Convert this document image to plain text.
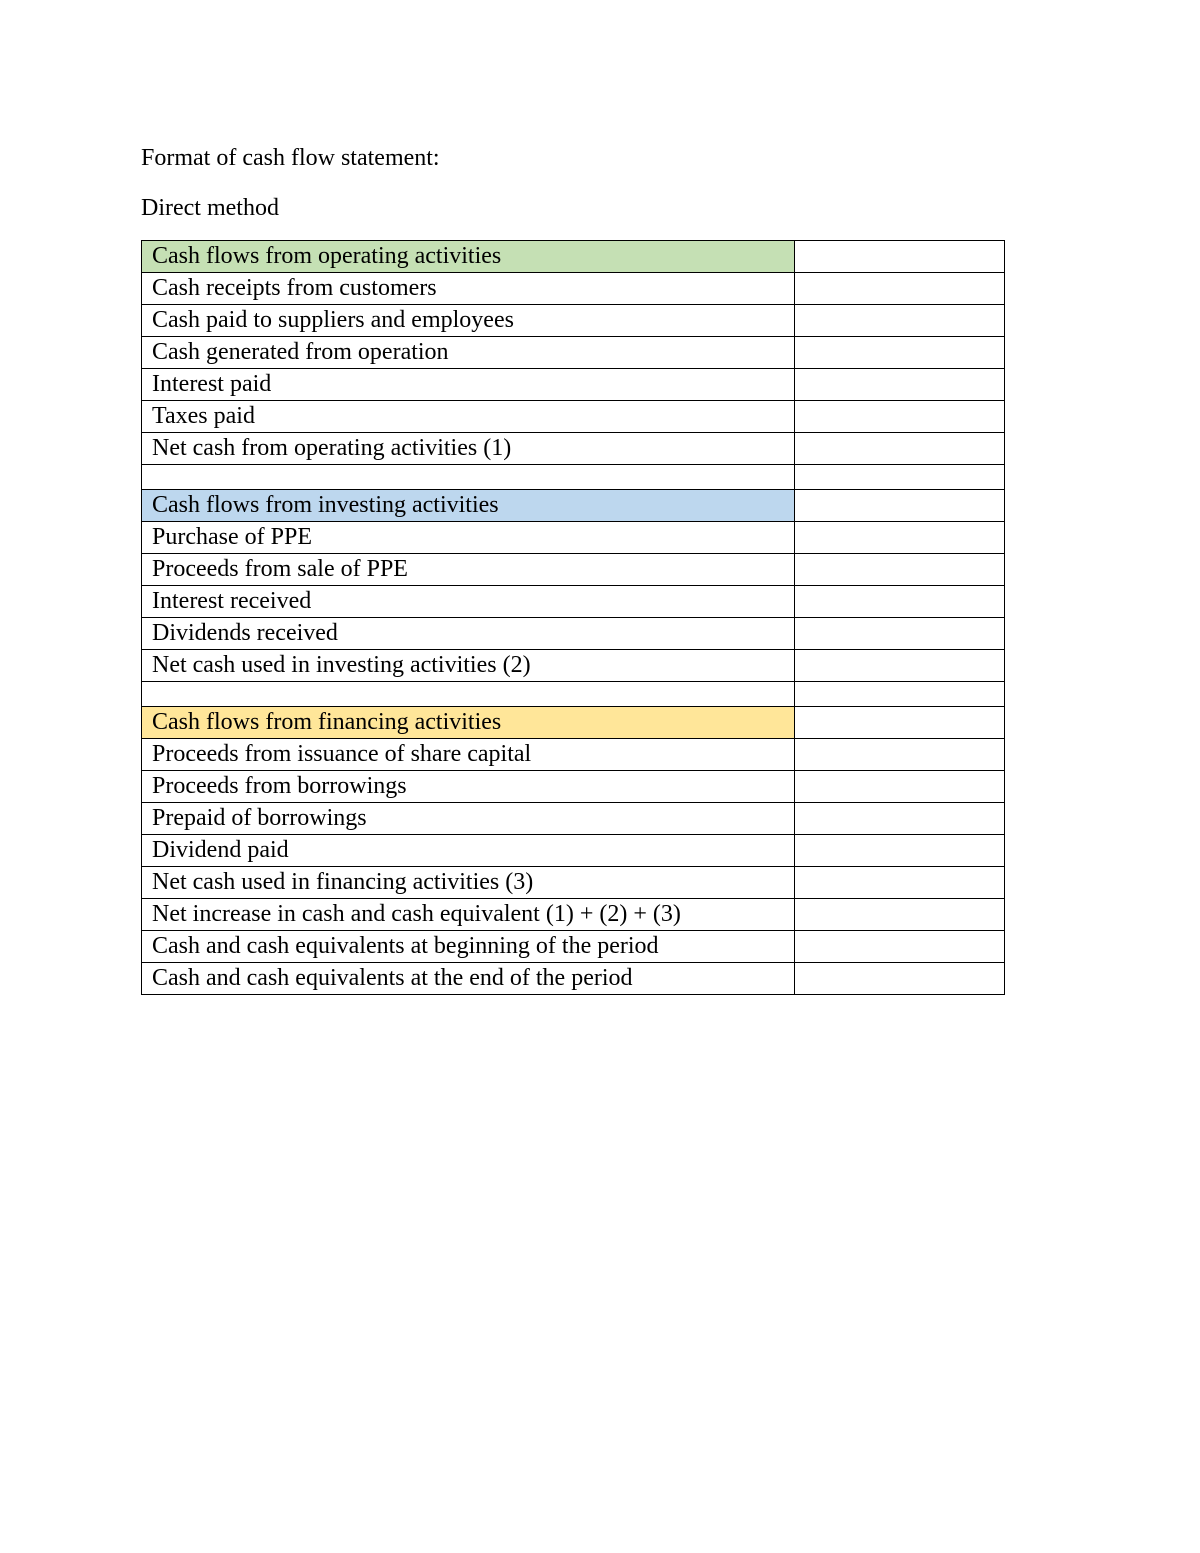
Format of cash flow statement:
Direct method
Cash flows from operating activities	
Cash receipts from customers	
Cash paid to suppliers and employees	
Cash generated from operation	
Interest paid	
Taxes paid	
Net cash from operating activities (1)	

Cash flows from investing activities	
Purchase of PPE	
Proceeds from sale of PPE	
Interest received	
Dividends received	
Net cash used in investing activities (2)	

Cash flows from financing activities	
Proceeds from issuance of share capital	
Proceeds from borrowings	
Prepaid of borrowings	
Dividend paid	
Net cash used in financing activities (3)	
Net increase in cash and cash equivalent (1) + (2) + (3)	
Cash and cash equivalents at beginning of the period	
Cash and cash equivalents at the end of the period	
